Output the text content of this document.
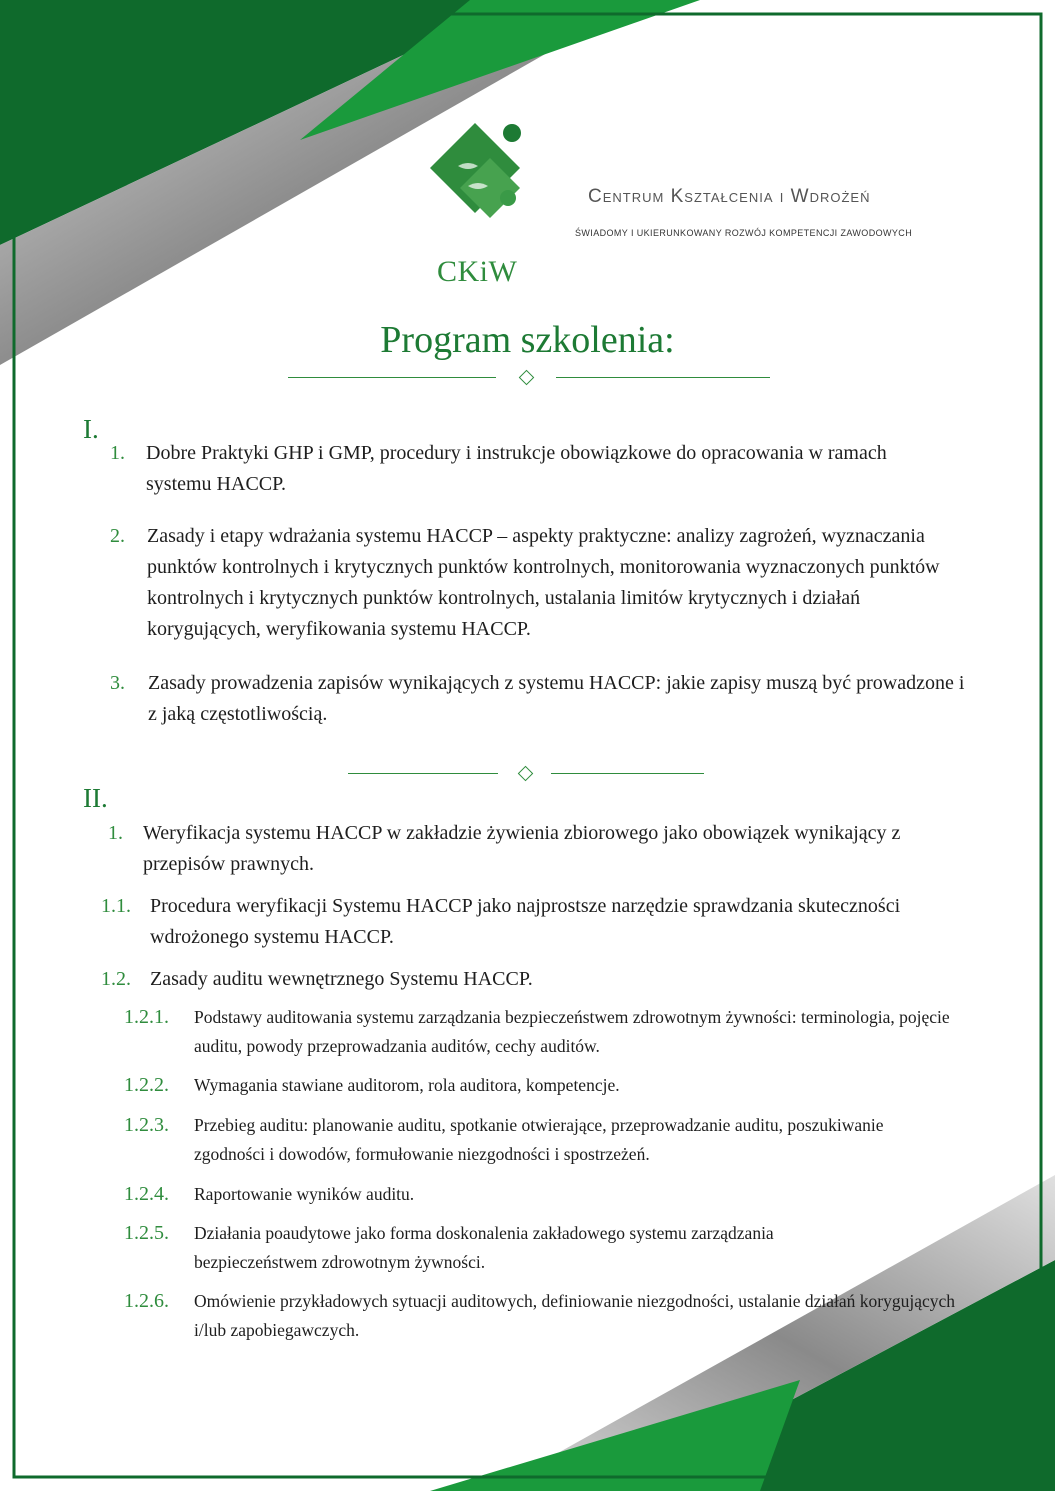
CKiW
Centrum Kształcenia i Wdrożeń
ŚWIADOMY I UKIERUNKOWANY ROZWÓJ KOMPETENCJI ZAWODOWYCH
Program szkolenia:
I.
1. Dobre Praktyki GHP i GMP, procedury i instrukcje obowiązkowe do opracowania w ramach systemu HACCP.
2. Zasady i etapy wdrażania systemu HACCP – aspekty praktyczne: analizy zagrożeń, wyznaczania punktów kontrolnych i krytycznych punktów kontrolnych, monitorowania wyznaczonych punktów kontrolnych i krytycznych punktów kontrolnych, ustalania limitów krytycznych i działań korygujących, weryfikowania systemu HACCP.
3. Zasady prowadzenia zapisów wynikających z systemu HACCP: jakie zapisy muszą być prowadzone i z jaką częstotliwością.
II.
1. Weryfikacja systemu HACCP w zakładzie żywienia zbiorowego jako obowiązek wynikający z przepisów prawnych.
1.1. Procedura weryfikacji Systemu HACCP jako najprostsze narzędzie sprawdzania skuteczności wdrożonego systemu HACCP.
1.2. Zasady auditu wewnętrznego Systemu HACCP.
1.2.1. Podstawy auditowania systemu zarządzania bezpieczeństwem zdrowotnym żywności: terminologia, pojęcie auditu, powody przeprowadzania auditów, cechy auditów.
1.2.2. Wymagania stawiane auditorom, rola auditora, kompetencje.
1.2.3. Przebieg auditu: planowanie auditu, spotkanie otwierające, przeprowadzanie auditu, poszukiwanie zgodności i dowodów, formułowanie niezgodności i spostrzeżeń.
1.2.4. Raportowanie wyników auditu.
1.2.5. Działania poaudytowe jako forma doskonalenia zakładowego systemu zarządzania bezpieczeństwem zdrowotnym żywności.
1.2.6. Omówienie przykładowych sytuacji auditowych, definiowanie niezgodności, ustalanie działań korygujących i/lub zapobiegawczych.
